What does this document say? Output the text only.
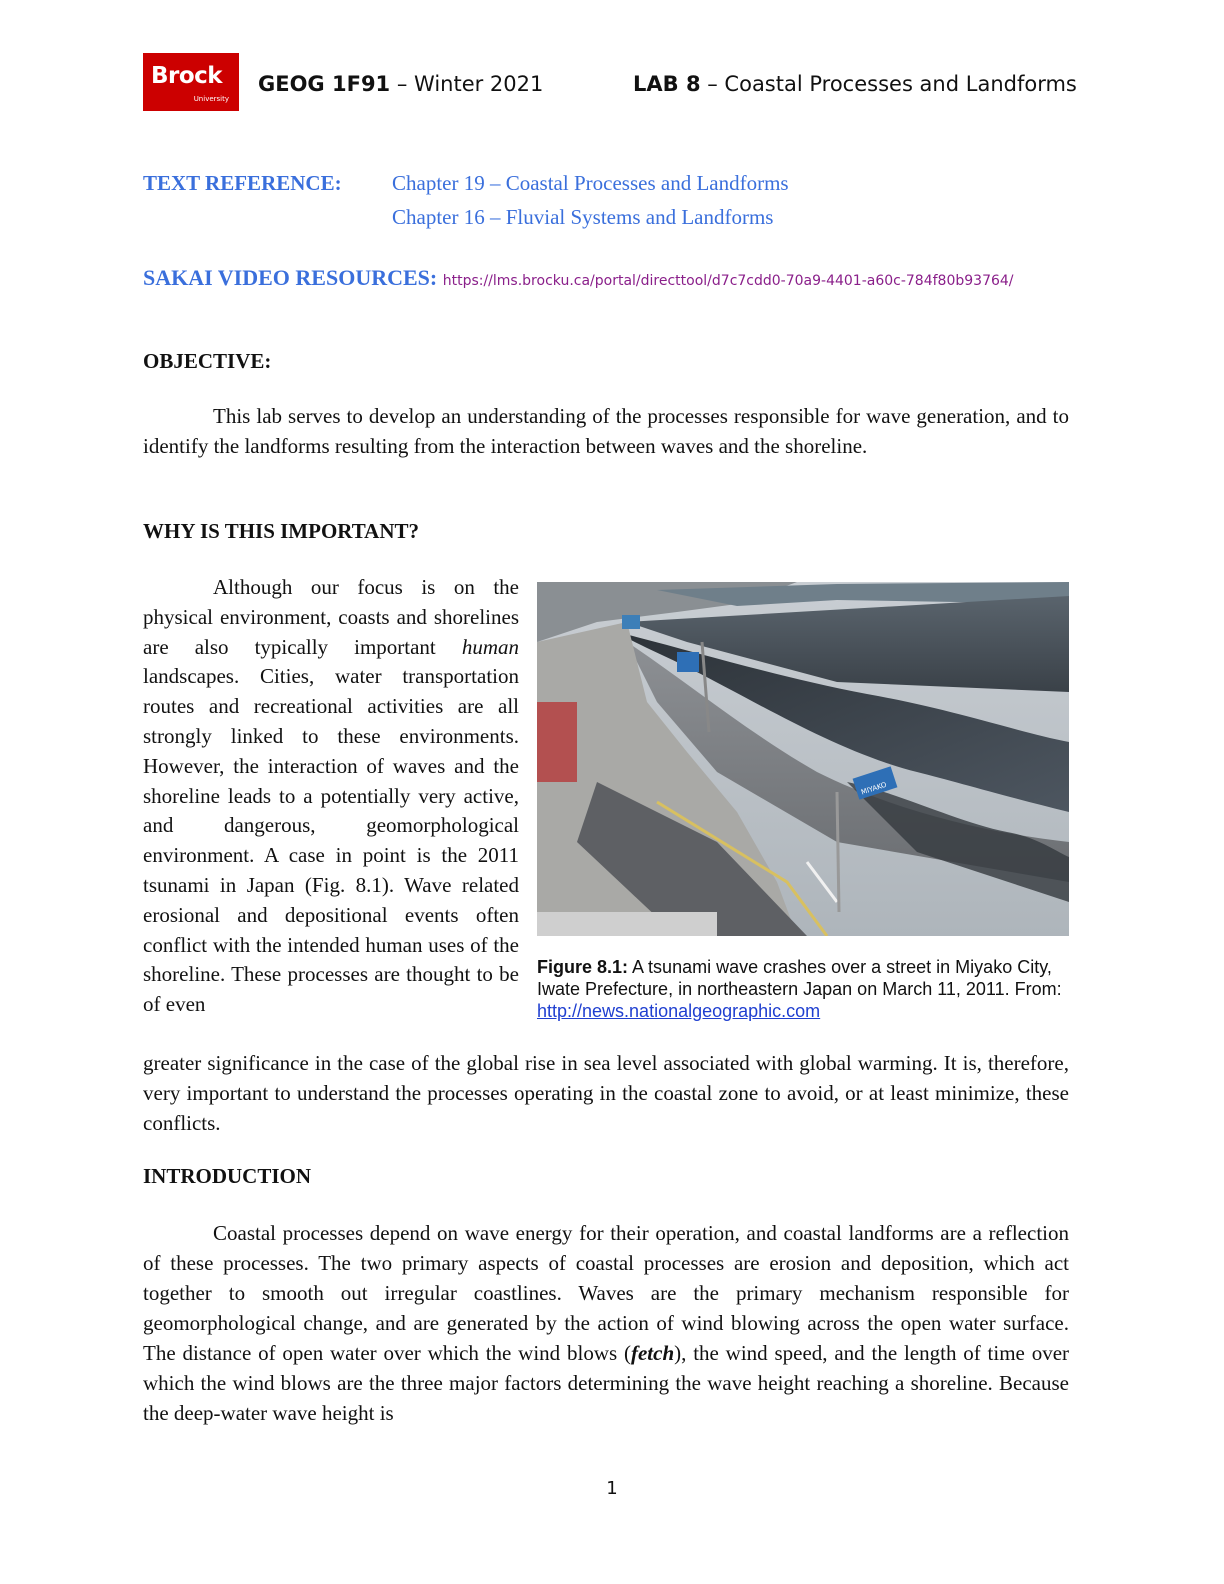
Brock
University
GEOG 1F91 – Winter 2021	LAB 8 – Coastal Processes and Landforms
TEXT REFERENCE: Chapter 19 – Coastal Processes and Landforms
Chapter 16 – Fluvial Systems and Landforms
SAKAI VIDEO RESOURCES: https://lms.brocku.ca/portal/directtool/d7c7cdd0-70a9-4401-a60c-784f80b93764/
OBJECTIVE:
This lab serves to develop an understanding of the processes responsible for wave generation, and to identify the landforms resulting from the interaction between waves and the shoreline.
WHY IS THIS IMPORTANT?
Although our focus is on the physical environment, coasts and shorelines are also typically important human landscapes. Cities, water transportation routes and recreational activities are all strongly linked to these environments. However, the interaction of waves and the shoreline leads to a potentially very active, and dangerous, geomorphological environment. A case in point is the 2011 tsunami in Japan (Fig. 8.1). Wave related erosional and depositional events often conflict with the intended human uses of the shoreline. These processes are thought to be of even
MIYAKO
Figure 8.1: A tsunami wave crashes over a street in Miyako City, Iwate Prefecture, in northeastern Japan on March 11, 2011. From: http://news.nationalgeographic.com
greater significance in the case of the global rise in sea level associated with global warming. It is, therefore, very important to understand the processes operating in the coastal zone to avoid, or at least minimize, these conflicts.
INTRODUCTION
Coastal processes depend on wave energy for their operation, and coastal landforms are a reflection of these processes. The two primary aspects of coastal processes are erosion and deposition, which act together to smooth out irregular coastlines. Waves are the primary mechanism responsible for geomorphological change, and are generated by the action of wind blowing across the open water surface. The distance of open water over which the wind blows (fetch), the wind speed, and the length of time over which the wind blows are the three major factors determining the wave height reaching a shoreline. Because the deep-water wave height is
1
